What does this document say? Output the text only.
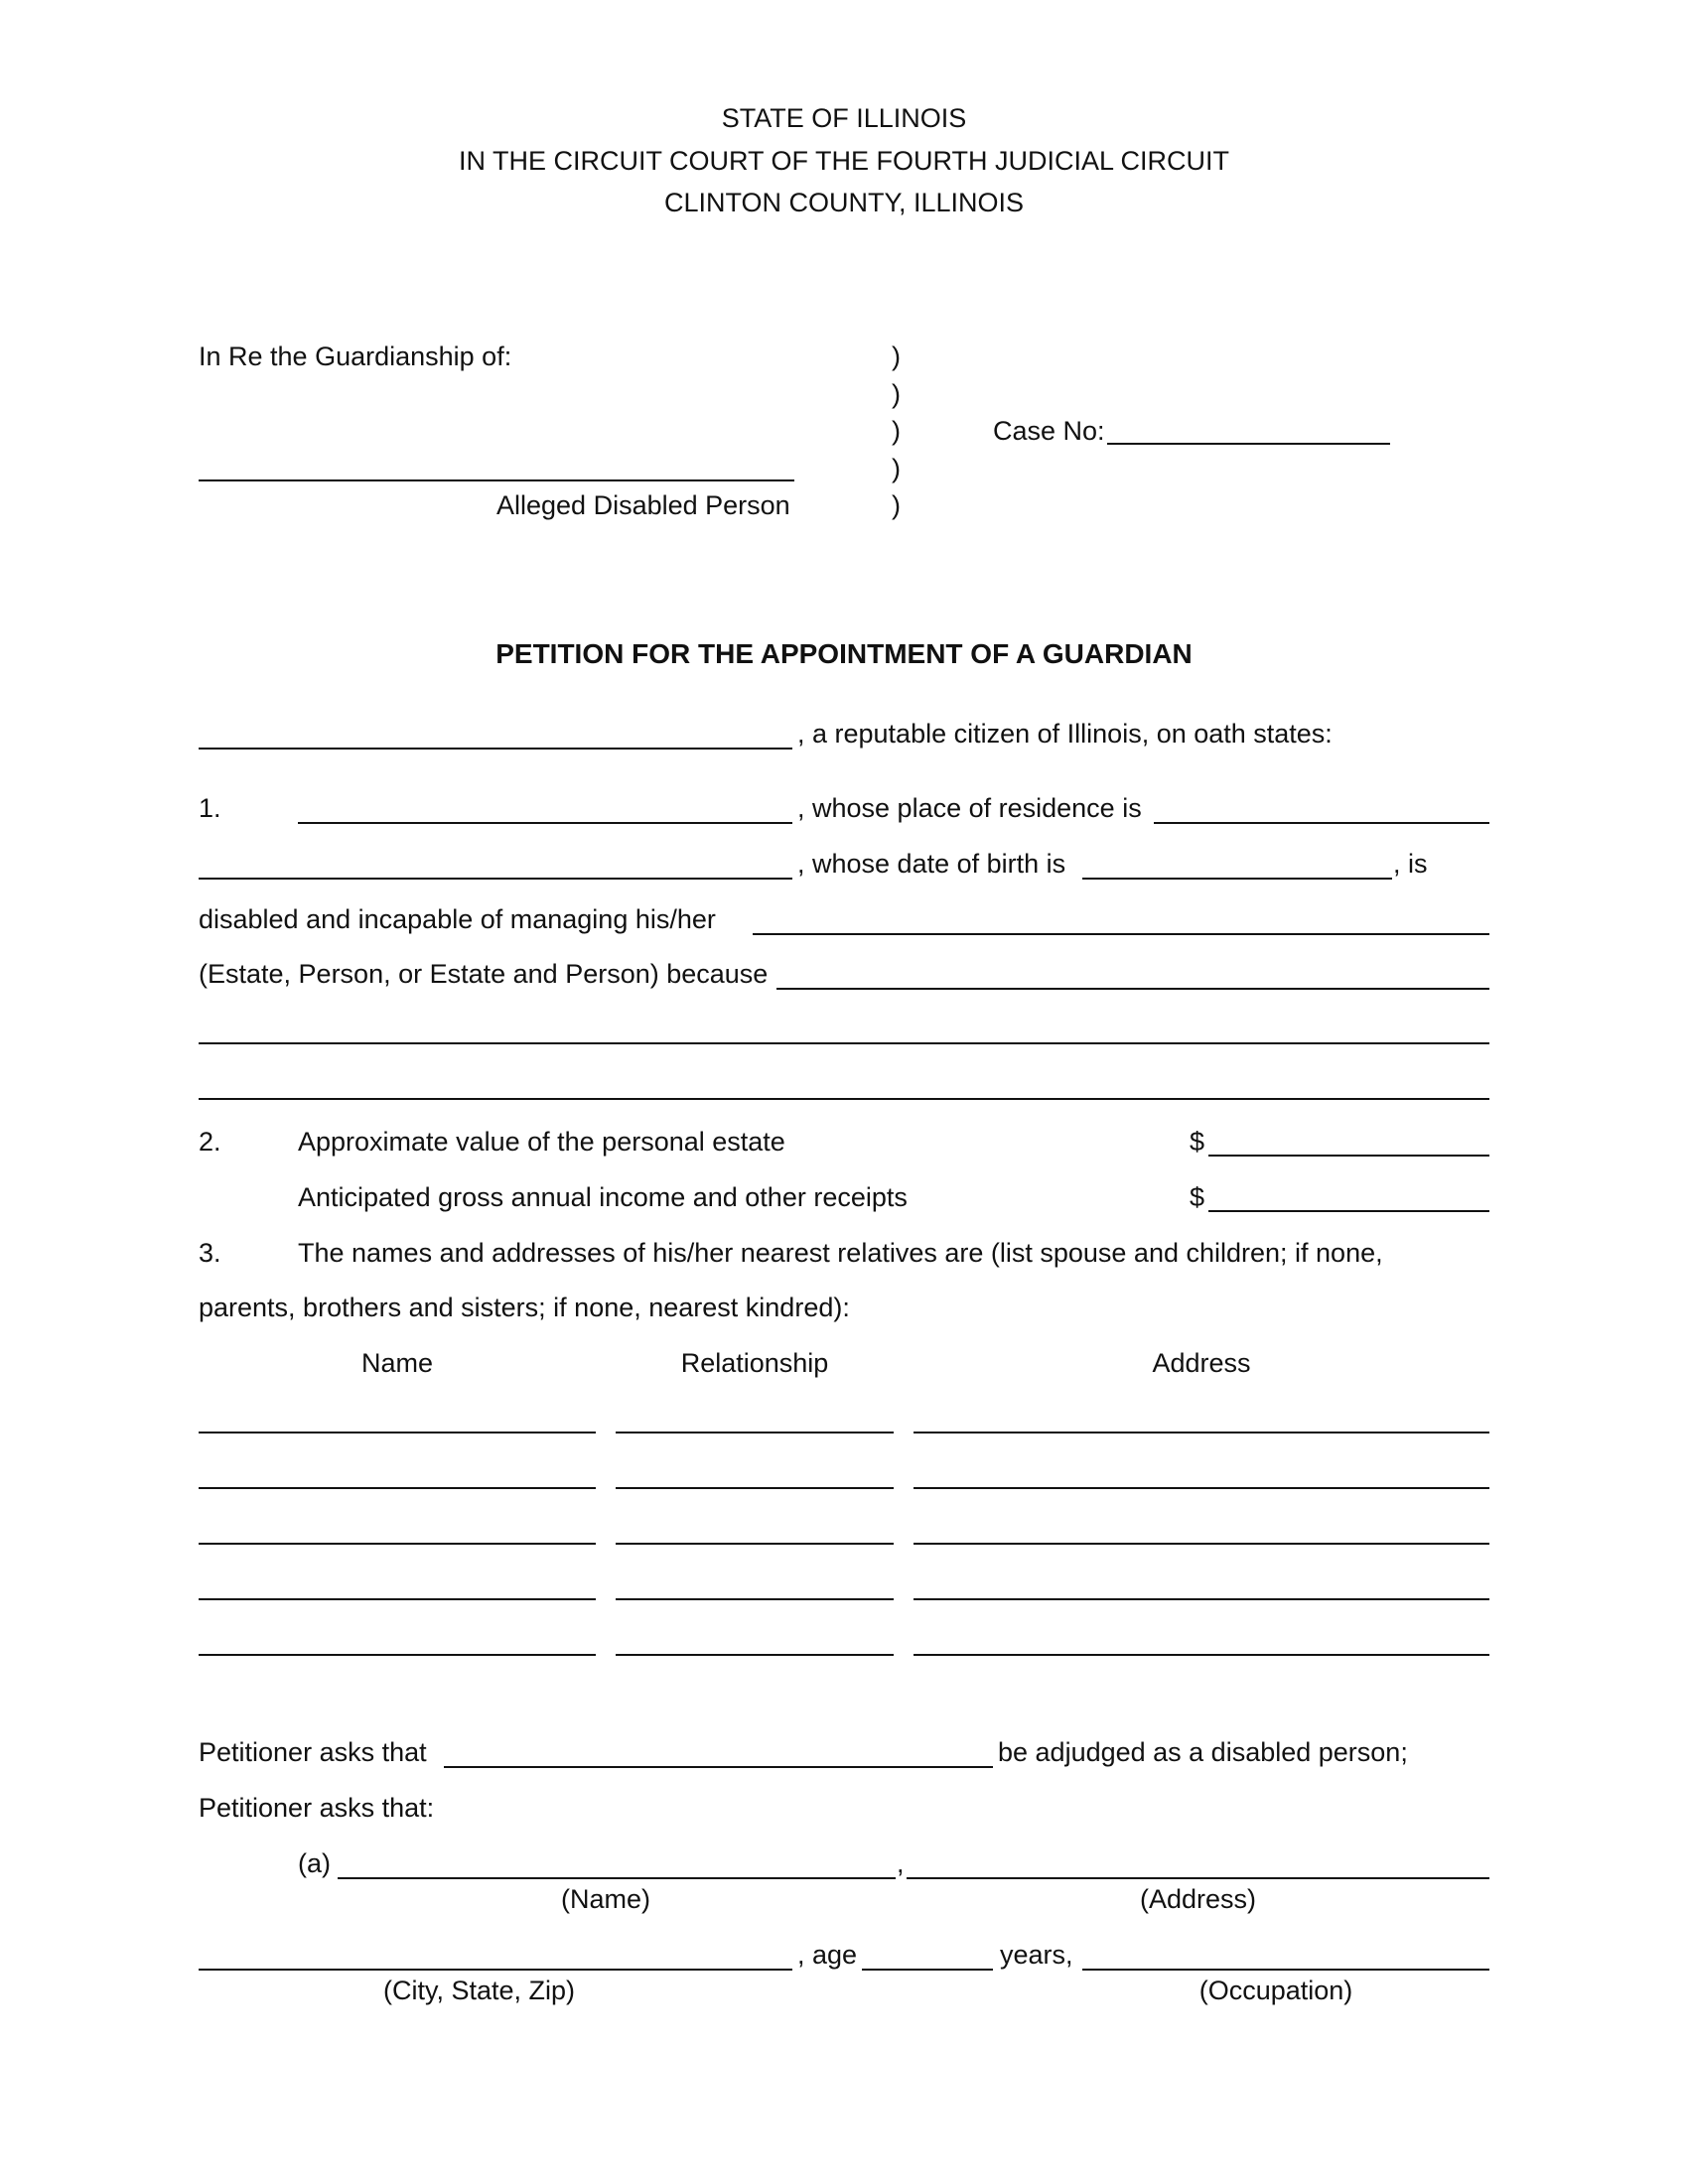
STATE OF ILLINOIS
IN THE CIRCUIT COURT OF THE FOURTH JUDICIAL CIRCUIT
CLINTON COUNTY, ILLINOIS
In Re the Guardianship of:
Alleged Disabled Person
)
)
)
)
)
Case No:
PETITION FOR THE APPOINTMENT OF A GUARDIAN
, a reputable citizen of Illinois, on oath states:
1.	, whose place of residence is
, whose date of birth is	, is
disabled and incapable of managing his/her
(Estate, Person, or Estate and Person) because
2.	Approximate value of the personal estate	$
Anticipated gross annual income and other receipts	$
3.	The names and addresses of his/her nearest relatives are (list spouse and children; if none,
parents, brothers and sisters; if none, nearest kindred):
Name	Relationship	Address
Petitioner asks that	be adjudged as a disabled person;
Petitioner asks that:
(a)	,
(Name)	(Address)
, age	years,
(City, State, Zip)	(Occupation)
